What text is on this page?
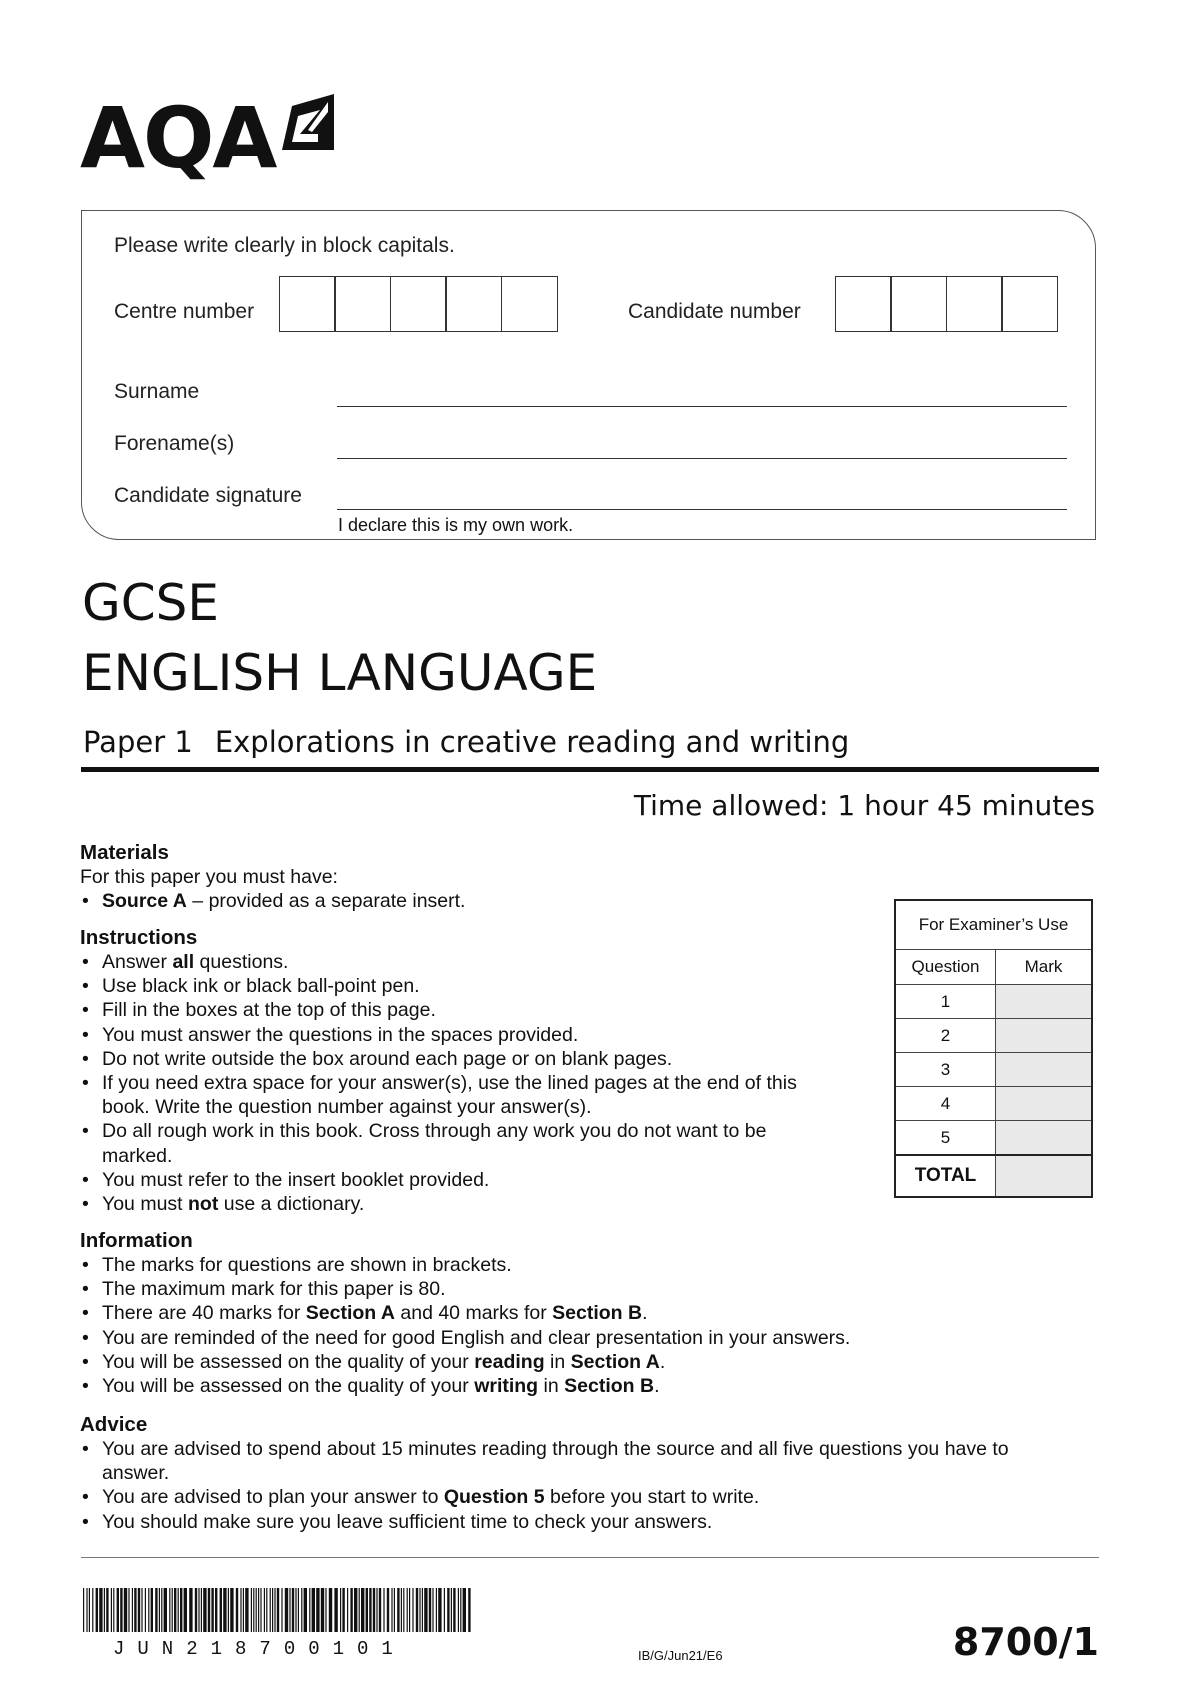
AQA
Please write clearly in block capitals.
Centre number	Candidate number
Surname
Forename(s)
Candidate signature
I declare this is my own work.
GCSE
ENGLISH LANGUAGE
Paper 1 Explorations in creative reading and writing
Time allowed: 1 hour 45 minutes
Materials

For this paper you must have:

• Source A – provided as a separate insert.
Instructions
• Answer all questions.
• Use black ink or black ball-point pen.
• Fill in the boxes at the top of this page.
• You must answer the questions in the spaces provided.
• Do not write outside the box around each page or on blank pages.
• If you need extra space for your answer(s), use the lined pages at the end of this book. Write the question number against your answer(s).
• Do all rough work in this book. Cross through any work you do not want to be marked.
• You must refer to the insert booklet provided.
• You must not use a dictionary.
Information
• The marks for questions are shown in brackets.
• The maximum mark for this paper is 80.
• There are 40 marks for Section A and 40 marks for Section B.
• You are reminded of the need for good English and clear presentation in your answers.
• You will be assessed on the quality of your reading in Section A.
• You will be assessed on the quality of your writing in Section B.
Advice
• You are advised to spend about 15 minutes reading through the source and all five questions you have to answer.
• You are advised to plan your answer to Question 5 before you start to write.
• You should make sure you leave sufficient time to check your answers.
For Examiner’s Use	
Question	Mark
1	
2	
3	
4	
5	
TOTAL	
JUN218700101	IB/G/Jun21/E6	8700/1
